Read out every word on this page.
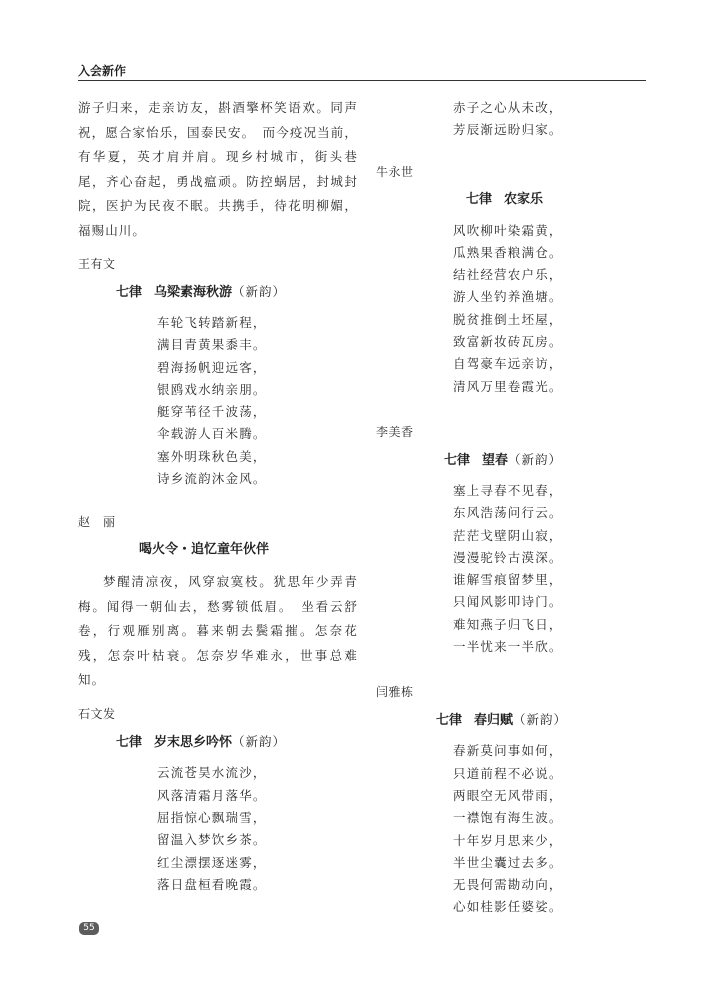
入会新作

游子归来，走亲访友，斟酒擎杯笑语欢。同声祝，愿合家怡乐，国泰民安。　而今疫况当前，有华夏，英才肩并肩。现乡村城市，街头巷尾，齐心奋起，勇战瘟顽。防控蜗居，封城封院，医护为民夜不眠。共携手，待花明柳媚，福赐山川。

王有文

七律 乌梁素海秋游（新韵）

车轮飞转踏新程，
满目青黄果黍丰。
碧海扬帆迎远客，
银鸥戏水纳亲朋。
艇穿苇径千波荡，
伞载游人百米腾。
塞外明珠秋色美，
诗乡流韵沐金风。

赵　丽

喝火令・追忆童年伙伴

梦醒清凉夜，风穿寂寞枝。犹思年少弄青梅。闻得一朝仙去，愁雾锁低眉。　坐看云舒卷，行观雁别离。暮来朝去鬓霜摧。怎奈花残，怎奈叶枯衰。怎奈岁华难永，世事总难知。

石文发

七律 岁末思乡吟怀（新韵）

云流苍昊水流沙，
风落清霜月落华。
屈指惊心飘瑞雪，
留温入梦饮乡茶。
红尘漂摆逐迷雾，
落日盘桓看晚霞。
赤子之心从未改，
芳辰渐远盼归家。

牛永世

七律 农家乐

风吹柳叶染霜黄，
瓜熟果香粮满仓。
结社经营农户乐，
游人坐钓养渔塘。
脱贫推倒土坯屋，
致富新妆砖瓦房。
自驾豪车远亲访，
清风万里卷霞光。

李美香

七律 望春（新韵）

塞上寻春不见春，
东风浩荡问行云。
茫茫戈壁阴山寂，
漫漫驼铃古漠深。
谁解雪痕留梦里，
只闻风影叩诗门。
难知燕子归飞日，
一半忧来一半欣。

闫雅栋

七律 春归赋（新韵）

春新莫问事如何，
只道前程不必说。
两眼空无风带雨，
一襟饱有海生波。
十年岁月思来少，
半世尘囊过去多。
无畏何需勘动向，
心如桂影任婆娑。
55
